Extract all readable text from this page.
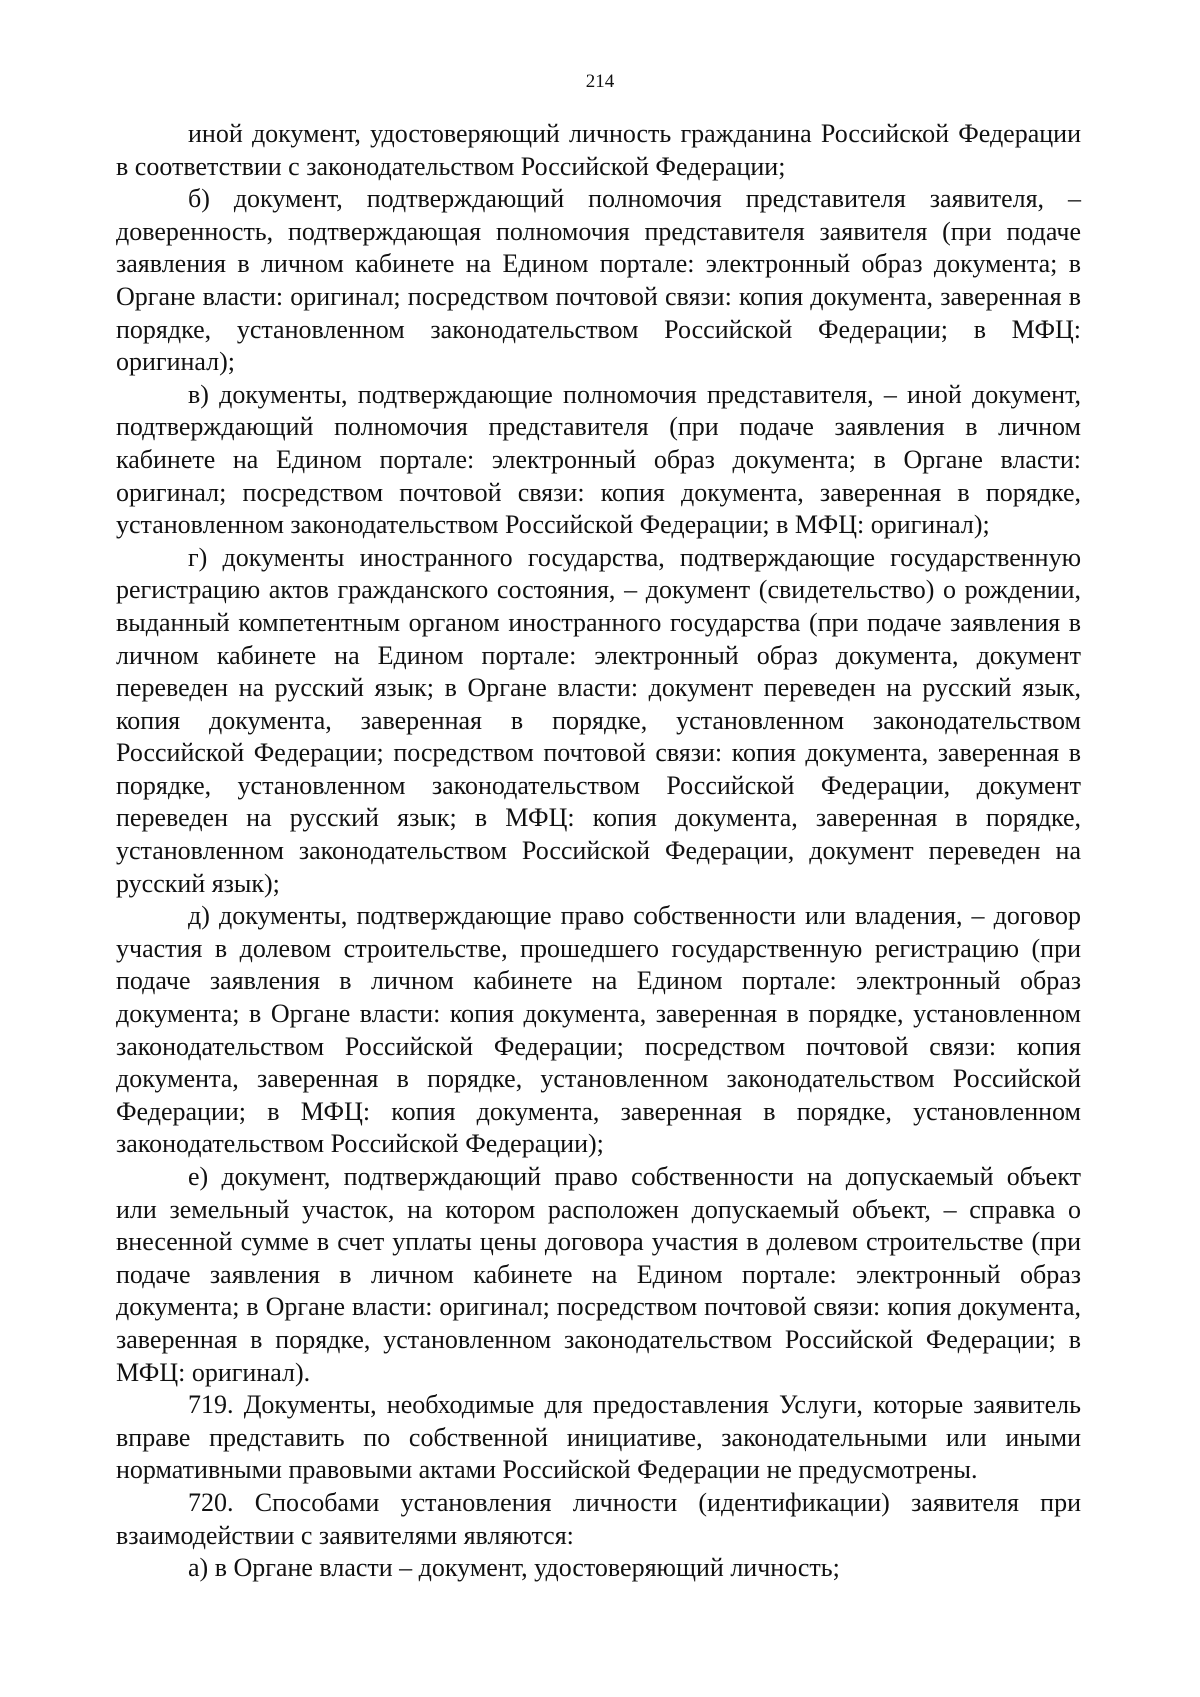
214

иной документ, удостоверяющий личность гражданина Российской Федерации в соответствии с законодательством Российской Федерации;

б) документ, подтверждающий полномочия представителя заявителя, – доверенность, подтверждающая полномочия представителя заявителя (при подаче заявления в личном кабинете на Едином портале: электронный образ документа; в Органе власти: оригинал; посредством почтовой связи: копия документа, заверенная в порядке, установленном законодательством Российской Федерации; в МФЦ: оригинал);

в) документы, подтверждающие полномочия представителя, – иной документ, подтверждающий полномочия представителя (при подаче заявления в личном кабинете на Едином портале: электронный образ документа; в Органе власти: оригинал; посредством почтовой связи: копия документа, заверенная в порядке, установленном законодательством Российской Федерации; в МФЦ: оригинал);

г) документы иностранного государства, подтверждающие государственную регистрацию актов гражданского состояния, – документ (свидетельство) о рождении, выданный компетентным органом иностранного государства (при подаче заявления в личном кабинете на Едином портале: электронный образ документа, документ переведен на русский язык; в Органе власти: документ переведен на русский язык, копия документа, заверенная в порядке, установленном законодательством Российской Федерации; посредством почтовой связи: копия документа, заверенная в порядке, установленном законодательством Российской Федерации, документ переведен на русский язык; в МФЦ: копия документа, заверенная в порядке, установленном законодательством Российской Федерации, документ переведен на русский язык);

д) документы, подтверждающие право собственности или владения, – договор участия в долевом строительстве, прошедшего государственную регистрацию (при подаче заявления в личном кабинете на Едином портале: электронный образ документа; в Органе власти: копия документа, заверенная в порядке, установленном законодательством Российской Федерации; посредством почтовой связи: копия документа, заверенная в порядке, установленном законодательством Российской Федерации; в МФЦ: копия документа, заверенная в порядке, установленном законодательством Российской Федерации);

е) документ, подтверждающий право собственности на допускаемый объект или земельный участок, на котором расположен допускаемый объект, – справка о внесенной сумме в счет уплаты цены договора участия в долевом строительстве (при подаче заявления в личном кабинете на Едином портале: электронный образ документа; в Органе власти: оригинал; посредством почтовой связи: копия документа, заверенная в порядке, установленном законодательством Российской Федерации; в МФЦ: оригинал).

719. Документы, необходимые для предоставления Услуги, которые заявитель вправе представить по собственной инициативе, законодательными или иными нормативными правовыми актами Российской Федерации не предусмотрены.

720. Способами установления личности (идентификации) заявителя при взаимодействии с заявителями являются:

а) в Органе власти – документ, удостоверяющий личность;
